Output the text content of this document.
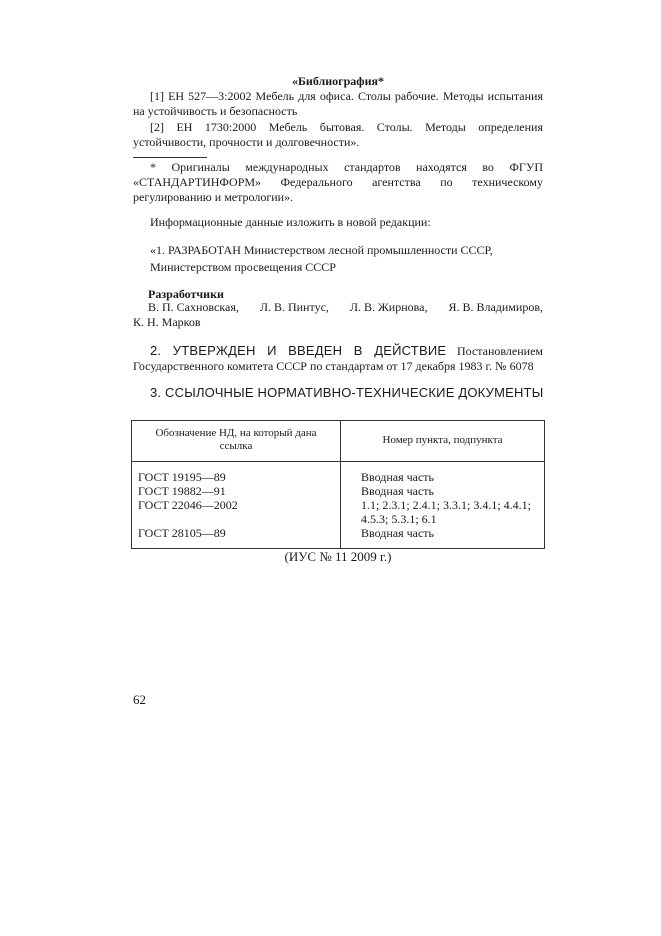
«Библиография*
[1] ЕН 527—3:2002 Мебель для офиса. Столы рабочие. Методы испытания на устойчивость и безопасность
[2] ЕН 1730:2000 Мебель бытовая. Столы. Методы определения устойчивости, прочности и долговечности».
* Оригиналы международных стандартов находятся во ФГУП «СТАНДАРТИНФОРМ» Федерального агентства по техническому регулированию и метрологии».
Информационные данные изложить в новой редакции:
«1. РАЗРАБОТАН Министерством лесной промышленности СССР,
Министерством просвещения СССР
Разработчики
В. П. Сахновская, Л. В. Пинтус, Л. В. Жирнова, Я. В. Владимиров,
К. Н. Марков
2. УТВЕРЖДЕН И ВВЕДЕН В ДЕЙСТВИЕ Постановлением Государственного комитета СССР по стандартам от 17 декабря 1983 г. № 6078
3. ССЫЛОЧНЫЕ НОРМАТИВНО-ТЕХНИЧЕСКИЕ ДОКУМЕНТЫ
Обозначение НД, на который дана ссылка	Номер пункта, подпункта
ГОСТ 19195—89	Вводная часть
ГОСТ 19882—91	Вводная часть
ГОСТ 22046—2002	1.1; 2.3.1; 2.4.1; 3.3.1; 3.4.1; 4.4.1; 4.5.3; 5.3.1; 6.1
ГОСТ 28105—89	Вводная часть
(ИУС № 11 2009 г.)
62
